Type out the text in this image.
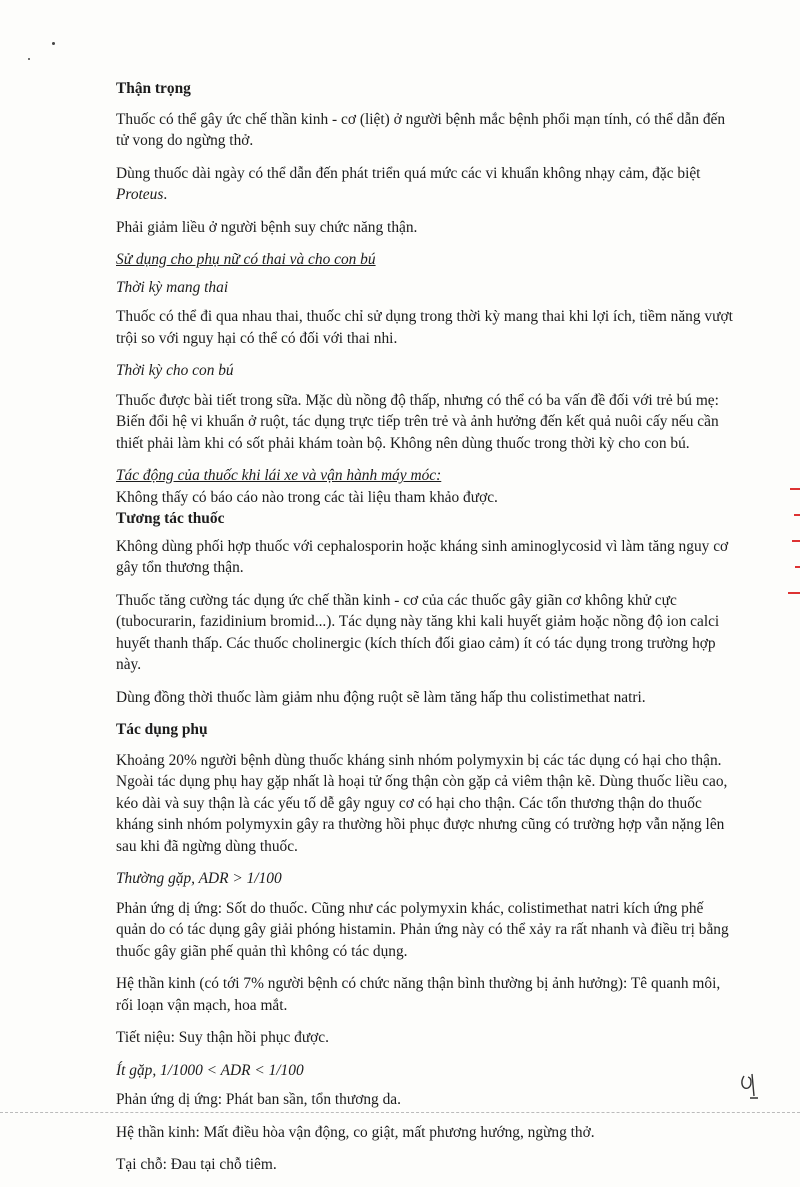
Thận trọng

Thuốc có thể gây ức chế thần kinh - cơ (liệt) ở người bệnh mắc bệnh phổi mạn tính, có thể dẫn đến tử vong do ngừng thở.

Dùng thuốc dài ngày có thể dẫn đến phát triển quá mức các vi khuẩn không nhạy cảm, đặc biệt Proteus.

Phải giảm liều ở người bệnh suy chức năng thận.

Sử dụng cho phụ nữ có thai và cho con bú
Thời kỳ mang thai

Thuốc có thể đi qua nhau thai, thuốc chỉ sử dụng trong thời kỳ mang thai khi lợi ích, tiềm năng vượt trội so với nguy hại có thể có đối với thai nhi.

Thời kỳ cho con bú

Thuốc được bài tiết trong sữa. Mặc dù nồng độ thấp, nhưng có thể có ba vấn đề đối với trẻ bú mẹ: Biến đổi hệ vi khuẩn ở ruột, tác dụng trực tiếp trên trẻ và ảnh hưởng đến kết quả nuôi cấy nếu cần thiết phải làm khi có sốt phải khám toàn bộ. Không nên dùng thuốc trong thời kỳ cho con bú.

Tác động của thuốc khi lái xe và vận hành máy móc:

Không thấy có báo cáo nào trong các tài liệu tham khảo được.

Tương tác thuốc

Không dùng phối hợp thuốc với cephalosporin hoặc kháng sinh aminoglycosid vì làm tăng nguy cơ gây tổn thương thận.

Thuốc tăng cường tác dụng ức chế thần kinh - cơ của các thuốc gây giãn cơ không khử cực (tubocurarin, fazidinium bromid...). Tác dụng này tăng khi kali huyết giảm hoặc nồng độ ion calci huyết thanh thấp. Các thuốc cholinergic (kích thích đối giao cảm) ít có tác dụng trong trường hợp này.

Dùng đồng thời thuốc làm giảm nhu động ruột sẽ làm tăng hấp thu colistimethat natri.

Tác dụng phụ

Khoảng 20% người bệnh dùng thuốc kháng sinh nhóm polymyxin bị các tác dụng có hại cho thận. Ngoài tác dụng phụ hay gặp nhất là hoại tử ống thận còn gặp cả viêm thận kẽ. Dùng thuốc liều cao, kéo dài và suy thận là các yếu tố dễ gây nguy cơ có hại cho thận. Các tổn thương thận do thuốc kháng sinh nhóm polymyxin gây ra thường hồi phục được nhưng cũng có trường hợp vẫn nặng lên sau khi đã ngừng dùng thuốc.

Thường gặp, ADR > 1/100

Phản ứng dị ứng: Sốt do thuốc. Cũng như các polymyxin khác, colistimethat natri kích ứng phế quản do có tác dụng gây giải phóng histamin. Phản ứng này có thể xảy ra rất nhanh và điều trị bằng thuốc gây giãn phế quản thì không có tác dụng.

Hệ thần kinh (có tới 7% người bệnh có chức năng thận bình thường bị ảnh hưởng): Tê quanh môi, rối loạn vận mạch, hoa mắt.

Tiết niệu: Suy thận hồi phục được.

Ít gặp, 1/1000 < ADR < 1/100

Phản ứng dị ứng: Phát ban sần, tổn thương da.

Hệ thần kinh: Mất điều hòa vận động, co giật, mất phương hướng, ngừng thở.

Tại chỗ: Đau tại chỗ tiêm.
